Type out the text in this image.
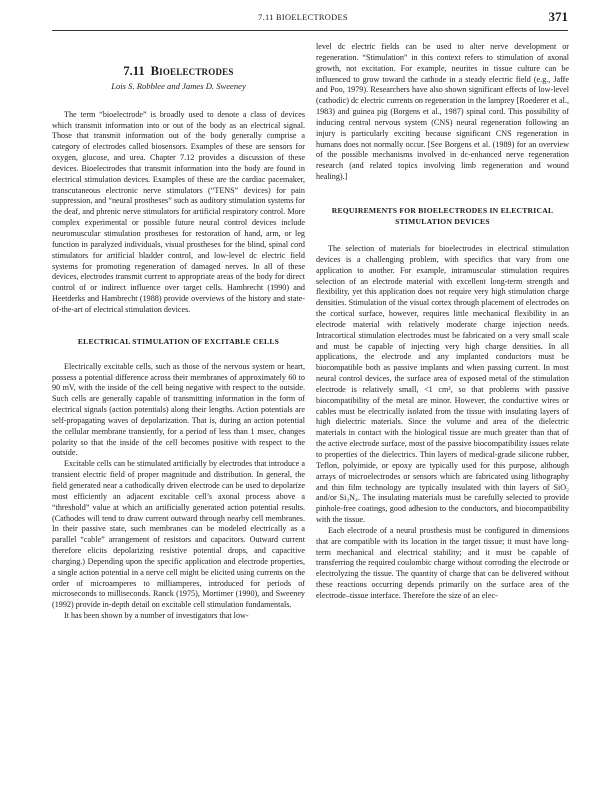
7.11 BIOELECTRODES	371
7.11 Bioelectrodes
Lois S. Robblee and James D. Sweeney

The term “bioelectrode” is broadly used to denote a class of devices which transmit information into or out of the body as an electrical signal. Those that transmit information out of the body generally comprise a category of electrodes called biosensors. Examples of these are sensors for oxygen, glucose, and urea. Chapter 7.12 provides a discussion of these devices. Bioelectrodes that transmit information into the body are found in electrical stimulation devices. Examples of these are the cardiac pacemaker, transcutaneous electronic nerve stimulators (“TENS” devices) for pain suppression, and “neural prostheses” such as auditory stimulation systems for the deaf, and phrenic nerve stimulators for artificial respiratory control. More complex experimental or possible future neural control devices include neuromuscular stimulation prostheses for restoration of hand, arm, or leg function in paralyzed individuals, visual prostheses for the blind, spinal cord stimulators for artificial bladder control, and low-level dc electric field systems for promoting regeneration of damaged nerves. In all of these devices, electrodes transmit current to appropriate areas of the body for direct control of or indirect influence over target cells. Hambrecht (1990) and Heetderks and Hambrecht (1988) provide overviews of the history and state-of-the-art of electrical stimulation devices.

ELECTRICAL STIMULATION OF EXCITABLE CELLS

Electrically excitable cells, such as those of the nervous system or heart, possess a potential difference across their membranes of approximately 60 to 90 mV, with the inside of the cell being negative with respect to the outside. Such cells are generally capable of transmitting information in the form of electrical signals (action potentials) along their lengths. Action potentials are self-propagating waves of depolarization. That is, during an action potential the cellular membrane transiently, for a period of less than 1 msec, changes polarity so that the inside of the cell becomes positive with respect to the outside.

Excitable cells can be stimulated artificially by electrodes that introduce a transient electric field of proper magnitude and distribution. In general, the field generated near a cathodically driven electrode can be used to depolarize most efficiently an adjacent excitable cell’s axonal process above a “threshold” value at which an artificially generated action potential results. (Cathodes will tend to draw current outward through nearby cell membranes. In their passive state, such membranes can be modeled electrically as a parallel “cable” arrangement of resistors and capacitors. Outward current therefore elicits depolarizing resistive potential drops, and capacitive charging.) Depending upon the specific application and electrode properties, a single action potential in a nerve cell might be elicited using currents on the order of microamperes to milliamperes, introduced for periods of microseconds to milliseconds. Ranck (1975), Mortimer (1990), and Sweeney (1992) provide in-depth detail on excitable cell stimulation fundamentals.

It has been shown by a number of investigators that low-

level dc electric fields can be used to alter nerve development or regeneration. “Stimulation” in this context refers to stimulation of axonal growth, not excitation. For example, neurites in tissue culture can be influenced to grow toward the cathode in a steady electric field (e.g., Jaffe and Poo, 1979). Researchers have also shown significant effects of low-level (cathodic) dc electric currents on regeneration in the lamprey [Roederer et al., 1983) and guinea pig (Borgens et al., 1987) spinal cord. This possibility of inducing central nervous system (CNS) neural regeneration following an injury is particularly exciting because significant CNS regeneration in humans does not normally occur. [See Borgens et al. (1989) for an overview of the possible mechanisms involved in dc-enhanced nerve regeneration research (and related topics involving limb regeneration and wound healing).]

REQUIREMENTS FOR BIOELECTRODES IN ELECTRICAL STIMULATION DEVICES

The selection of materials for bioelectrodes in electrical stimulation devices is a challenging problem, with specifics that vary from one application to another. For example, intramuscular stimulation requires selection of an electrode material with excellent long-term strength and flexibility, yet this application does not require very high stimulation charge densities. Stimulation of the visual cortex through placement of electrodes on the cortical surface, however, requires little mechanical flexibility in an electrode material with relatively moderate charge injection needs. Intracortical stimulation electrodes must be fabricated on a very small scale and must be capable of injecting very high charge densities. In all applications, the electrode and any implanted conductors must be biocompatible both as passive implants and when passing current. In most neural control devices, the surface area of exposed metal of the stimulation electrode is relatively small, <1 cm², so that problems with passive biocompatibility of the metal are minor. However, the conductive wires or cables must be electrically isolated from the tissue with insulating layers of high dielectric materials. Since the volume and area of the dielectric materials in contact with the biological tissue are much greater than that of the active electrode surface, most of the passive biocompatibility issues relate to properties of the dielectrics. Thin layers of medical-grade silicone rubber, Teflon, polyimide, or epoxy are typically used for this purpose, although arrays of microelectrodes or sensors which are fabricated using lithography and thin film technology are typically insulated with thin layers of SiO₂ and/or Si₃N₄. The insulating materials must be carefully selected to provide pinhole-free coatings, good adhesion to the conductors, and biocompatibility with the tissue.

Each electrode of a neural prosthesis must be configured in dimensions that are compatible with its location in the target tissue; it must have long-term mechanical and electrical stability; and it must be capable of transferring the required coulombic charge without corroding the electrode or electrolyzing the tissue. The quantity of charge that can be delivered without these reactions occurring depends primarily on the surface area of the electrode–tissue interface. Therefore the size of an elec-
